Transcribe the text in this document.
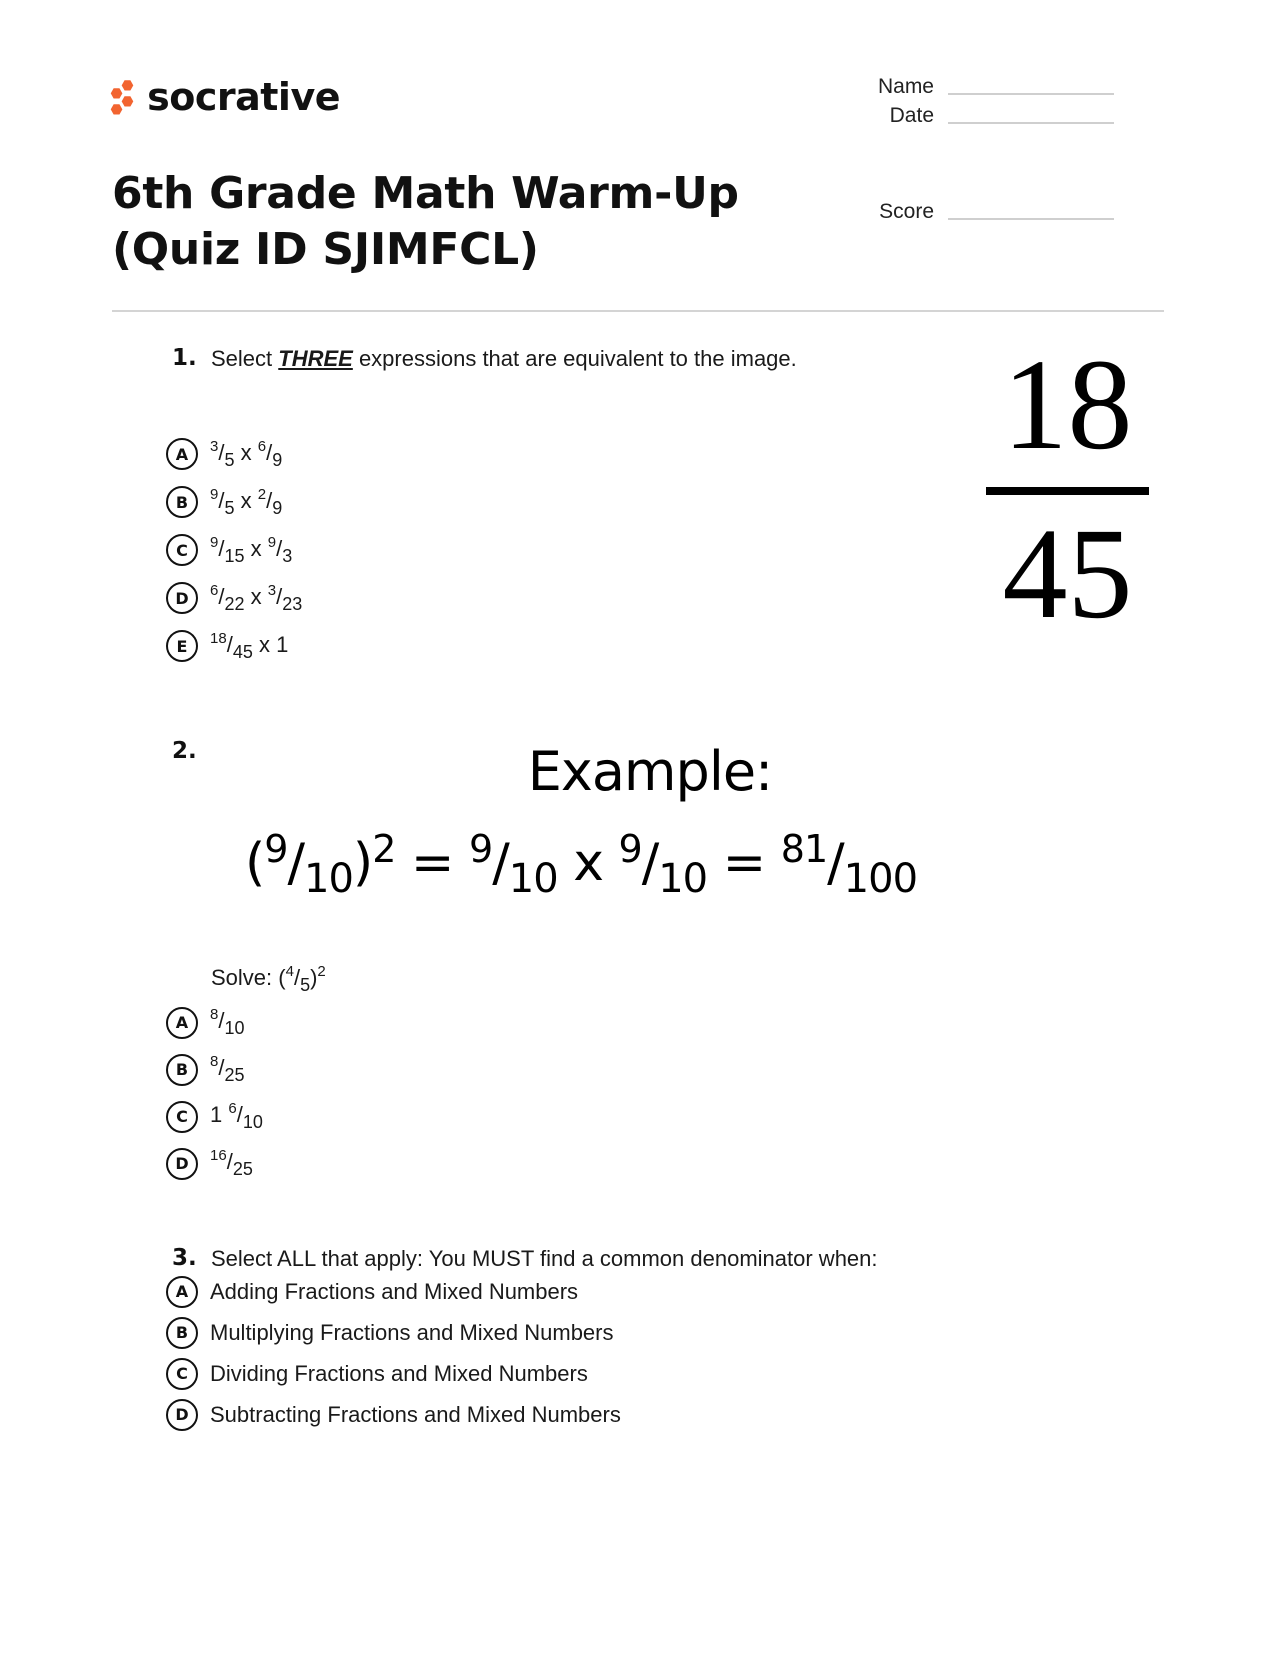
socrative	Name
Date
Score
6th Grade Math Warm-Up (Quiz ID SJIMFCL)
1. Select THREE expressions that are equivalent to the image. 18
45
A	$^3/_5$ x $^6/_9$
B	$^9/_5$ x $^2/_9$
C	$^9/_{15}$ x $^9/_3$
D	$^6/_{22}$ x $^3/_{23}$
E	$^{18}/_{45}$ x 1
2.	Example:
$(^9/_{10})^2 = ^9/_{10}$ x $^9/_{10} = ^{81}/_{100}$
Solve: $(^4/_5)^2$
A	$^8/_{10}$
B	$^8/_{25}$
C	1 $^6/_{10}$
D	$^{16}/_{25}$
3. Select ALL that apply: You MUST find a common denominator when:
A Adding Fractions and Mixed Numbers
B Multiplying Fractions and Mixed Numbers
C	Dividing Fractions and Mixed Numbers
D Subtracting Fractions and Mixed Numbers
